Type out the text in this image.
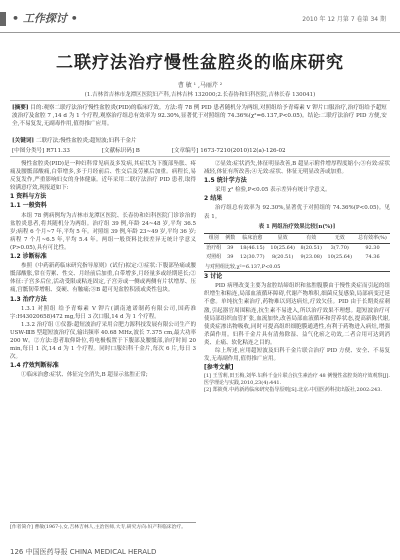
• 工作探讨 •	2010 年 12 月第 7 卷第 34 期
二联疗法治疗慢性盆腔炎的临床研究
曹 敏 ¹ ,马丽芹 ²
(1.吉林省吉林市龙潭区医院妇产科,吉林吉林 132000;2.长春协和妇科医院,吉林长春 130041)
[摘要] 目的:观察二联疗法治疗慢性盆腔炎(PID)的临床疗效。方法:将 78 例 PID 患者随机分为两组,对照组给予青霉素 V 钾片口服治疗,治疗组给予超短波治疗及盆腔 7 ,14 d 为 1 个疗程,观察治疗组总有效率为 92.30%,显著优于对照组的 74.36%(χ²=6.137,P<0.05)。结论:二联疗法治疗 PID 方便,安全,不易复发,无副毒作用,值得推广应用。
[关键词] 二联疗法;慢性盆腔炎;超短波;妇科千金片
[中图分类号] R711.33	[文献标识码] B	[文章编号] 1673-7210(2010)12(a)-126-02

慢性盆腔炎(PID)是一种妇科常见病及多发病,其症状为下腹部坠胀、疼痛及腰骶部酸痛,白带增多,多于月经前后、性交后及劳累后加重。病程长,易反复发作,严重影响妇女的身体健康。近年采用二联疗法治疗 PID 患者,取得较满意疗效,现报道如下:

1 资料与方法
1.1 一般资料

本组 78 例病例均为吉林市龙潭区医院、长春协和妇科医院门诊诊治的盆腔炎患者,将其随机分为两组。治疗组 39 例,年龄 24~48 岁,平均 36.5 岁;病程 6 个月~7 年,平均 5 年。对照组 39 例,年龄 23~49 岁,平均 36 岁;病程 7 个月~6.5 年,平均 5.4 年。两组一般资料比较差异无统计学意义(P>0.05),具有可比性。

1.2 诊断标准

参照《中药新药临床研究指导原则》(试行)拟定:①症状:下腹部坠痛或腰骶部酸胀,常在劳累、性交、月经前后加重,白带增多,月经量多或经期延长;②体征:子宫多后位,活动受限或粘连固定,子宫旁或一侧或两侧有片状增厚、压痛,宫骶韧带增粗、变硬、有触痛;③B 超可见盆腔积液或炎性包块。

1.3 治疗方法

1.3.1 对照组 给予青霉素 V 钾片(湖南迪诺制药有限公司,国药准字:H43020658)472 mg,每日 3 次口服,14 d 为 1 个疗程。

1.3.2 治疗组 ①仪器:超短波治疗采用合肥力源科技发展有限公司生产的 USW-ⅢB 型超短波治疗仪,输出频率 40.68 MHz,波长 7.375 cm,最大功率 200 W。②方法:患者取仰卧位,将电极板置于下腹部及腰骶部,治疗时间 20 min,每日 1 次,14 d 为 1 个疗程。同时口服妇科千金片,每次 6 片,每日 3 次。

1.4 疗效判断标准

①临床治愈:症状、体征完全消失,B 超显示盆腔正常;

[作者简介] 曹敏(1967-),女,吉林吉林人,主治医师,大专,研究方向:妇产科临床治疗。
126 中国医药导报 CHINA MEDICAL HERALD

②显效:症状消失,体征明显改善,B 超显示附件增厚程度缩小;③有效:症状减轻,体征有所改善;④无效:症状、体征无明显改善或加重。

1.5 统计学方法

采用 χ² 检验,P<0.05 表示差异有统计学意义。

2 结果

治疗组总有效率为 92.30%,显著优于对照组的 74.36%(P<0.05)。见表 1。

表 1 两组治疗效果比较[n(%)]
组别	例数	临床治愈	显效	有效	无效	总有效率(%)
治疗组	39	18(46.15)	10(25.64)	8(20.51)	3(7.70)	92.30
对照组	39	12(30.77)	8(20.51)	9(23.08)	10(25.64)	74.36
与对照组比较,χ²=6.137,P<0.05						
3 讨论

PID 病理改变主要为盆腔结缔组织和盆腔腹膜由于慢性炎症而引起的组织增生和粘连,局部血液循环障碍,代谢产物堆积,细菌反复感染,局部病变迁延不愈。单纯抗生素治疗,药物难以到达病灶,疗效欠佳。PID 由于长期炎症刺激,引起器官周围粘连,抗生素不易进入,所以治疗效果不理想。超短波治疗可使局部组织血管扩张,血流加快,改善局部血液循环和营养状态,提高新陈代谢,使炎症渗出物吸收,同时可提高组织细胞膜通透性,有利于药物进入病灶,增强杀菌作用。妇科千金片具有清热除湿、益气化瘀之功效,二者合用可达到消炎、止痛、软化粘连之目的。

综上所述,应用超短波及妇科千金片联合治疗 PID 方便、安全、不易复发,无毒副作用,值得推广应用。

[参考文献]

[1] 王雪莉,田玉梅,刘华.妇科千金片联合抗生素治疗 48 例慢性盆腔炎的疗效观察[J].医学理论与实践,2010,23(4):441.

[2] 郑筱萸.中药新药临床研究指导原则[S].北京:中国医药科技出版社,2002:243.
